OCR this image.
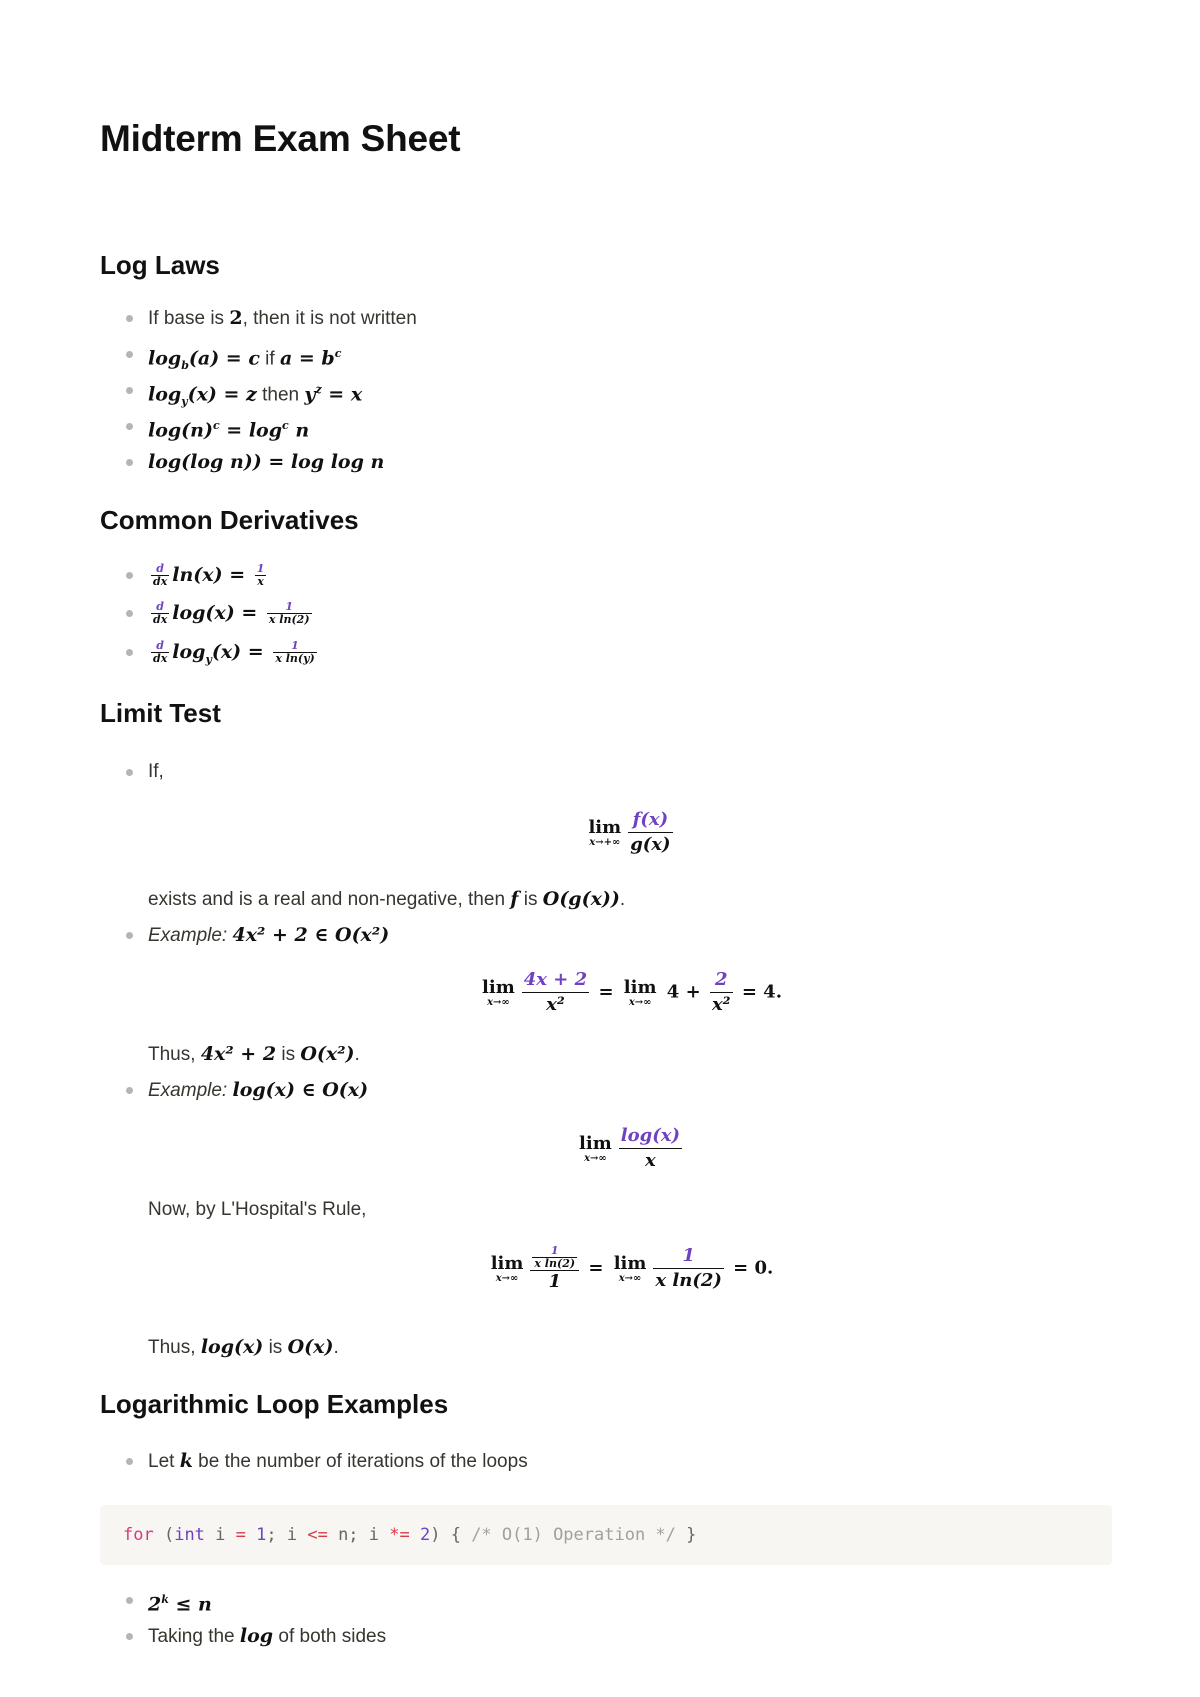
Midterm Exam Sheet
Log Laws
If base is 2, then it is not written
$\log_b(a) = c$ if $a = b^c$
$\log_y(x) = z$ then $y^z = x$
$\log(n)^c = \log^c n$
log(log n)) = log log n
Common Derivatives
$\frac{d}{dx} \ln(x) = \frac{1}{x}$
$\frac{d}{dx} \log(x) = \frac{1}{\text{x ln(2)}}$
$\frac{d}{dx} \log_y(x) = \frac{1}{\text{x ln(y)}}$
Limit Test
If,
lim
$x\to+\infty \frac{f(x)}{g(x)}$
exists and is a real and non-negative, then f is O(g(x)).
Example: 4x² + 2 ∈ O(x²)
lim
$x\to\infty \frac{4x + 2}{\text{x²}} = \lim$
x→∞ $4 + \frac{2}{\text{x²}} = 4$.
Thus, 4x² + 2 is O(x²).
Example: log(x) ∈ O(x)
lim
$x\to\infty \frac{\log(x)}{x}$
Now, by L'Hospital's Rule,
lim
x→∞	$\frac{\frac{1}{\text{x ln(2)}}}{1} = \lim$
$x\to\infty \frac{1}{\text{x ln(2)}} = 0$.
Thus, log(x) is O(x).
Logarithmic Loop Examples
Let k be the number of iterations of the loops
for (int i = 1; i <= n; i *= 2) { /* O(1) Operation */ }
$2^k \le n$
Taking the log of both sides
